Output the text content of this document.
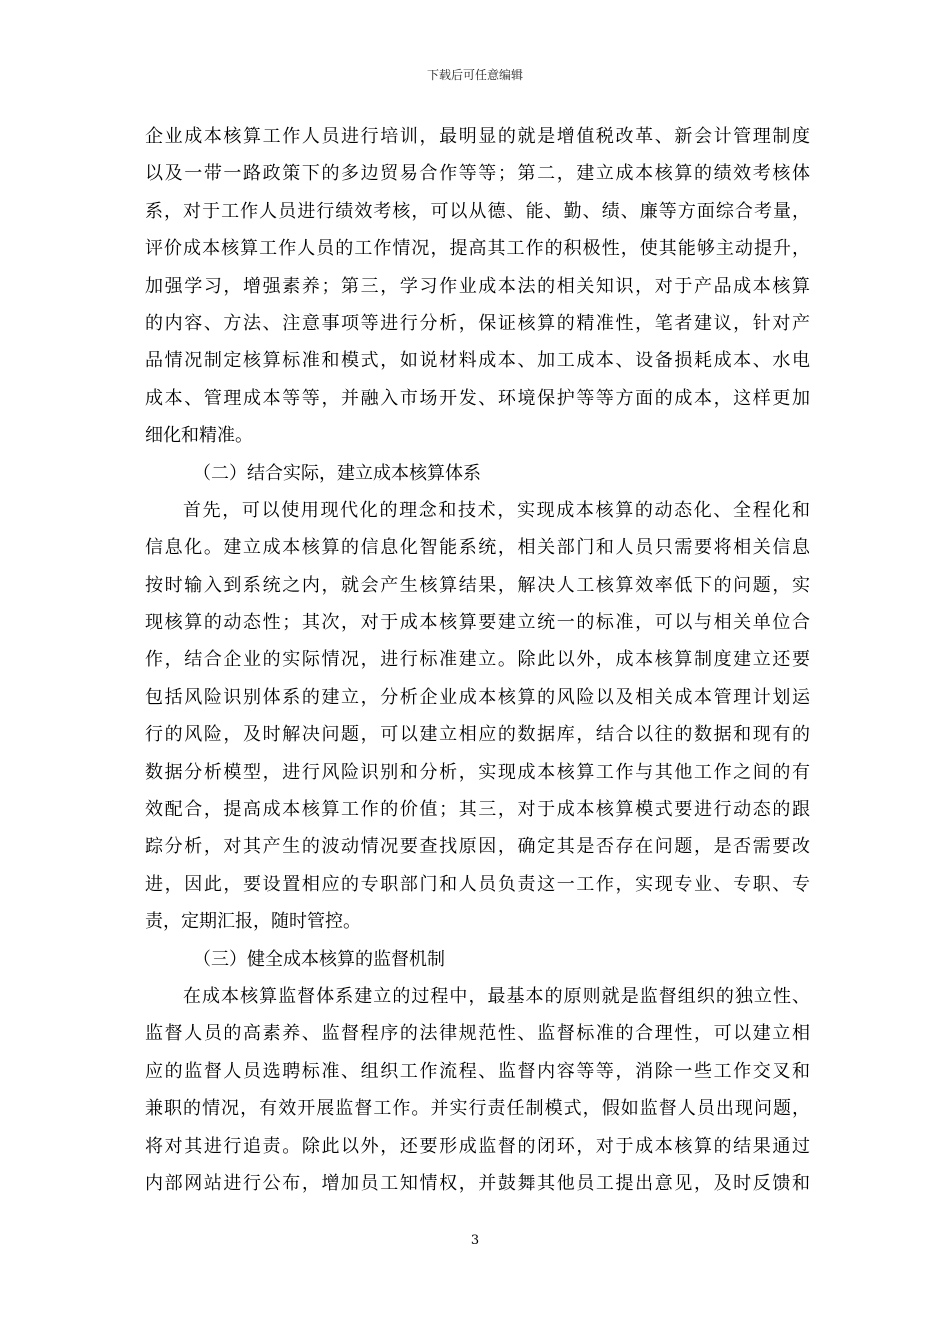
下载后可任意编辑
企业成本核算工作人员进行培训，最明显的就是增值税改革、新会计管理制度
以及一带一路政策下的多边贸易合作等等；第二，建立成本核算的绩效考核体
系，对于工作人员进行绩效考核，可以从德、能、勤、绩、廉等方面综合考量，
评价成本核算工作人员的工作情况，提高其工作的积极性，使其能够主动提升，
加强学习，增强素养；第三，学习作业成本法的相关知识，对于产品成本核算
的内容、方法、注意事项等进行分析，保证核算的精准性，笔者建议，针对产
品情况制定核算标准和模式，如说材料成本、加工成本、设备损耗成本、水电
成本、管理成本等等，并融入市场开发、环境保护等等方面的成本，这样更加
细化和精准。
（二）结合实际，建立成本核算体系
首先，可以使用现代化的理念和技术，实现成本核算的动态化、全程化和
信息化。建立成本核算的信息化智能系统，相关部门和人员只需要将相关信息
按时输入到系统之内，就会产生核算结果，解决人工核算效率低下的问题，实
现核算的动态性；其次，对于成本核算要建立统一的标准，可以与相关单位合
作，结合企业的实际情况，进行标准建立。除此以外，成本核算制度建立还要
包括风险识别体系的建立，分析企业成本核算的风险以及相关成本管理计划运
行的风险，及时解决问题，可以建立相应的数据库，结合以往的数据和现有的
数据分析模型，进行风险识别和分析，实现成本核算工作与其他工作之间的有
效配合，提高成本核算工作的价值；其三，对于成本核算模式要进行动态的跟
踪分析，对其产生的波动情况要查找原因，确定其是否存在问题，是否需要改
进，因此，要设置相应的专职部门和人员负责这一工作，实现专业、专职、专
责，定期汇报，随时管控。
（三）健全成本核算的监督机制
在成本核算监督体系建立的过程中，最基本的原则就是监督组织的独立性、
监督人员的高素养、监督程序的法律规范性、监督标准的合理性，可以建立相
应的监督人员选聘标准、组织工作流程、监督内容等等，消除一些工作交叉和
兼职的情况，有效开展监督工作。并实行责任制模式，假如监督人员出现问题，
将对其进行追责。除此以外，还要形成监督的闭环，对于成本核算的结果通过
内部网站进行公布，增加员工知情权，并鼓舞其他员工提出意见，及时反馈和
3
